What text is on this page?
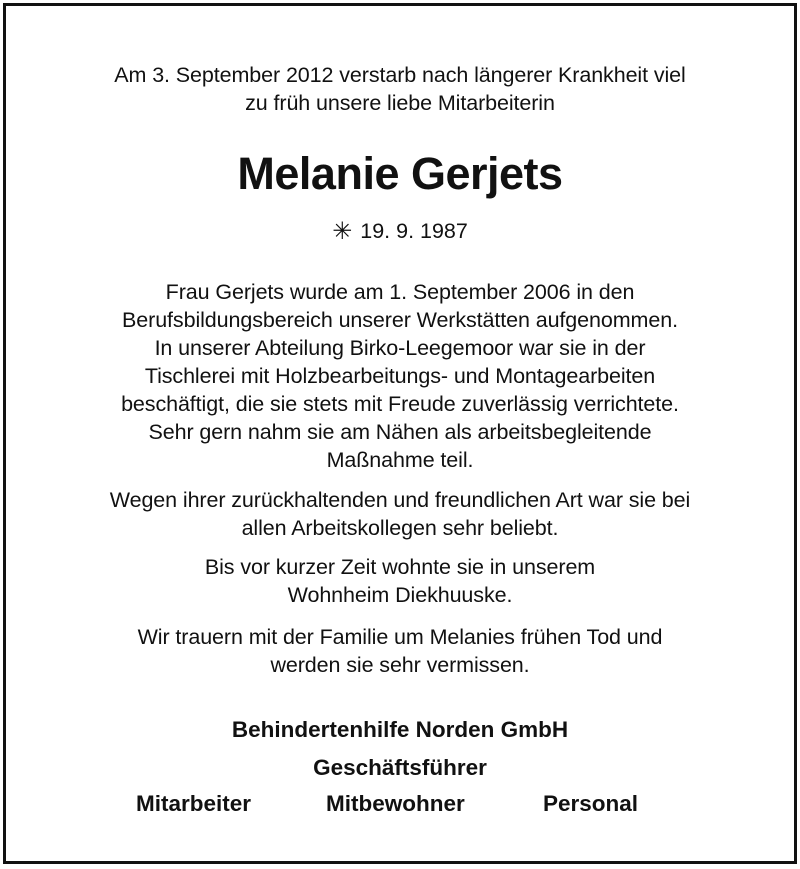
Am 3. September 2012 verstarb nach längerer Krankheit viel
zu früh unsere liebe Mitarbeiterin
Melanie Gerjets
✳ 19. 9. 1987
Frau Gerjets wurde am 1. September 2006 in den
Berufsbildungsbereich unserer Werkstätten aufgenommen.
In unserer Abteilung Birko-Leegemoor war sie in der
Tischlerei mit Holzbearbeitungs- und Montagearbeiten
beschäftigt, die sie stets mit Freude zuverlässig verrichtete.
Sehr gern nahm sie am Nähen als arbeitsbegleitende
Maßnahme teil.
Wegen ihrer zurückhaltenden und freundlichen Art war sie bei
allen Arbeitskollegen sehr beliebt.
Bis vor kurzer Zeit wohnte sie in unserem
Wohnheim Diekhuuske.
Wir trauern mit der Familie um Melanies frühen Tod und
werden sie sehr vermissen.
Behindertenhilfe Norden GmbH
Geschäftsführer
Mitarbeiter	Mitbewohner	Personal
